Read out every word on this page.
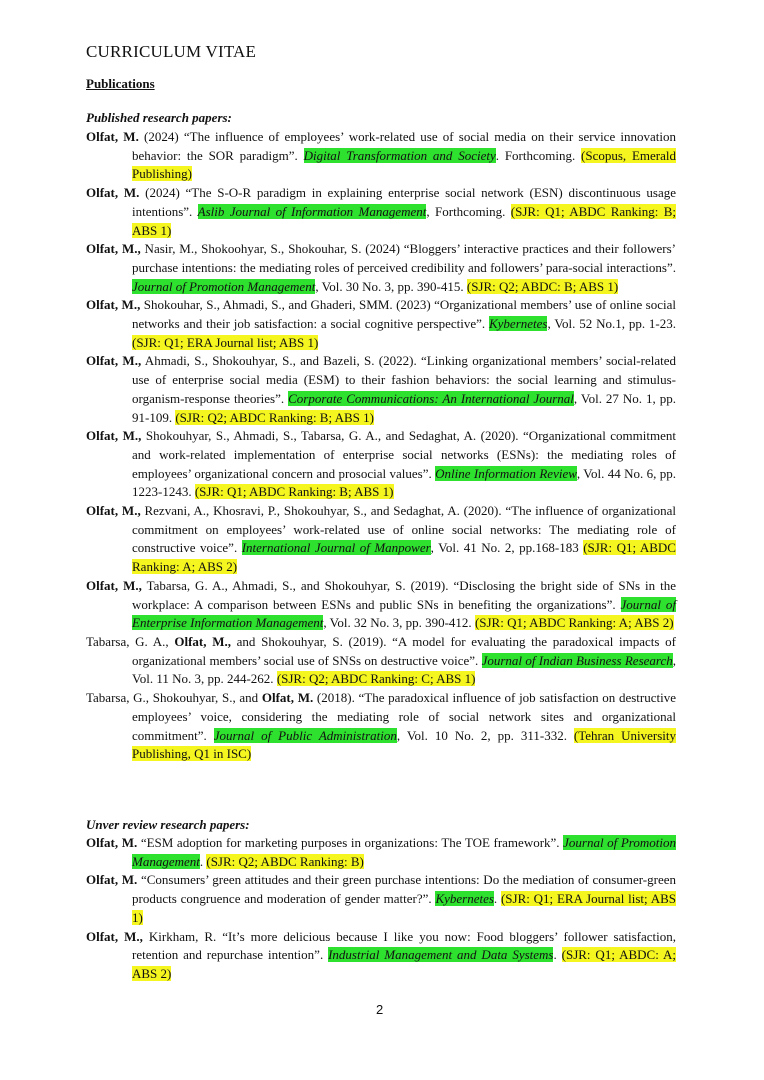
CURRICULUM VITAE
Publications
Published research papers:

Olfat, M. (2024) “The influence of employees’ work-related use of social media on their service innovation behavior: the SOR paradigm”. Digital Transformation and Society. Forthcoming. (Scopus, Emerald Publishing)

Olfat, M. (2024) “The S-O-R paradigm in explaining enterprise social network (ESN) discontinuous usage intentions”. Aslib Journal of Information Management, Forthcoming. (SJR: Q1; ABDC Ranking: B; ABS 1)

Olfat, M., Nasir, M., Shokoohyar, S., Shokouhar, S. (2024) “Bloggers’ interactive practices and their followers’ purchase intentions: the mediating roles of perceived credibility and followers’ para-social interactions”. Journal of Promotion Management, Vol. 30 No. 3, pp. 390-415. (SJR: Q2; ABDC: B; ABS 1)

Olfat, M., Shokouhar, S., Ahmadi, S., and Ghaderi, SMM. (2023) “Organizational members’ use of online social networks and their job satisfaction: a social cognitive perspective”. Kybernetes, Vol. 52 No.1, pp. 1-23. (SJR: Q1; ERA Journal list; ABS 1)

Olfat, M., Ahmadi, S., Shokouhyar, S., and Bazeli, S. (2022). “Linking organizational members’ social-related use of enterprise social media (ESM) to their fashion behaviors: the social learning and stimulus-organism-response theories”. Corporate Communications: An International Journal, Vol. 27 No. 1, pp. 91-109. (SJR: Q2; ABDC Ranking: B; ABS 1)

Olfat, M., Shokouhyar, S., Ahmadi, S., Tabarsa, G. A., and Sedaghat, A. (2020). “Organizational commitment and work-related implementation of enterprise social networks (ESNs): the mediating roles of employees’ organizational concern and prosocial values”. Online Information Review, Vol. 44 No. 6, pp. 1223-1243. (SJR: Q1; ABDC Ranking: B; ABS 1)

Olfat, M., Rezvani, A., Khosravi, P., Shokouhyar, S., and Sedaghat, A. (2020). “The influence of organizational commitment on employees’ work-related use of online social networks: The mediating role of constructive voice”. International Journal of Manpower, Vol. 41 No. 2, pp.168-183 (SJR: Q1; ABDC Ranking: A; ABS 2)

Olfat, M., Tabarsa, G. A., Ahmadi, S., and Shokouhyar, S. (2019). “Disclosing the bright side of SNs in the workplace: A comparison between ESNs and public SNs in benefiting the organizations”. Journal of Enterprise Information Management, Vol. 32 No. 3, pp. 390-412. (SJR: Q1; ABDC Ranking: A; ABS 2)

Tabarsa, G. A., Olfat, M., and Shokouhyar, S. (2019). “A model for evaluating the paradoxical impacts of organizational members’ social use of SNSs on destructive voice”. Journal of Indian Business Research, Vol. 11 No. 3, pp. 244-262. (SJR: Q2; ABDC Ranking: C; ABS 1)

Tabarsa, G., Shokouhyar, S., and Olfat, M. (2018). “The paradoxical influence of job satisfaction on destructive employees’ voice, considering the mediating role of social network sites and organizational commitment”. Journal of Public Administration, Vol. 10 No. 2, pp. 311-332. (Tehran University Publishing, Q1 in ISC)

Unver review research papers:

Olfat, M. “ESM adoption for marketing purposes in organizations: The TOE framework”. Journal of Promotion Management. (SJR: Q2; ABDC Ranking: B)

Olfat, M. “Consumers’ green attitudes and their green purchase intentions: Do the mediation of consumer-green products congruence and moderation of gender matter?”. Kybernetes. (SJR: Q1; ERA Journal list; ABS 1)

Olfat, M., Kirkham, R. “It’s more delicious because I like you now: Food bloggers’ follower satisfaction, retention and repurchase intention”. Industrial Management and Data Systems. (SJR: Q1; ABDC: A; ABS 2)

2
